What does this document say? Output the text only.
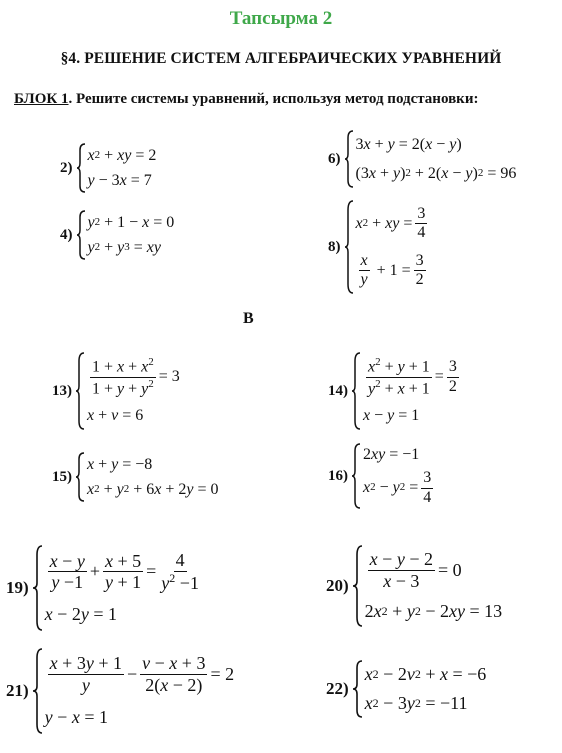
Тапсырма 2
§4. РЕШЕНИЕ СИСТЕМ АЛГЕБРАИЧЕСКИХ УРАВНЕНИЙ
БЛОК 1. Решите системы уравнений, используя метод подстановки:
2)
x 2 + xy = 2
y − 3 x = 7
6)
3 x + y = 2( x − y )
(3 x + y ) 2 + 2( x − y ) 2 = 96
4)
y 2 + 1 − x = 0
y 2 + y 3 = xy	8)
x 2 + xy = $\frac{3}{4}$
$\frac{x}{y} + 1 = \frac{3}{2}$
В
$13) \frac{1 + x + x^2}{1 + y + y^2} = 3$
x + v = 6
$14) \frac{x^2 + y + 1}{y^2 + x + 1} = \frac{3}{2}$
x − y = 1
15)
x + y = −8
x 2 + y 2 + 6 x + 2 y = 0
16)
2 xy = −1
x 2 − y $2 = \frac{3}{4}$
$19) \frac{x - y}{y -1} + \frac{x + 5}{y + 1} = \frac{4}{y^2 -1}$
x − 2 y = 1
$20) \frac{x - y - 2}{x - 3} = 0$
2 x 2 + y 2 − 2 xy = 13
$21) \frac{x + 3y + 1}{y} - \frac{v - x + 3}{2(x - 2)} = 2$
y − x = 1
22)
x 2 − 2 v 2 + x = −6
x 2 − 3 y 2 = −11
